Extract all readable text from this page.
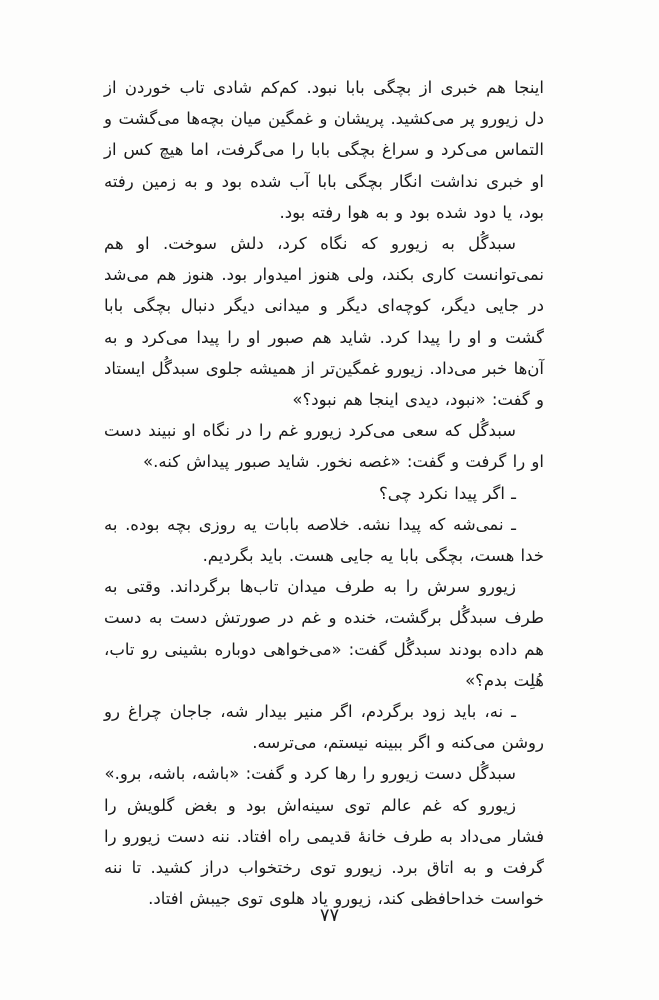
اینجا هم خبری از بچگی بابا نبود. کم‌کم شادی تاب خوردن از دل زیورو پر می‌کشید. پریشان و غمگین میان بچه‌ها می‌گشت و التماس می‌کرد و سراغ بچگی بابا را می‌گرفت، اما هیچ کس از او خبری نداشت انگار بچگی بابا آب شده بود و به زمین رفته بود، یا دود شده بود و به هوا رفته بود.

سبدگُل به زیورو که نگاه کرد، دلش سوخت. او هم نمی‌توانست کاری بکند، ولی هنوز امیدوار بود. هنوز هم می‌شد در جایی دیگر، کوچه‌ای دیگر و میدانی دیگر دنبال بچگی بابا گشت و او را پیدا کرد. شاید هم صبور او را پیدا می‌کرد و به آن‌ها خبر می‌داد. زیورو غمگین‌تر از همیشه جلوی سبدگُل ایستاد و گفت: «نبود، دیدی اینجا هم نبود؟»

سبدگُل که سعی می‌کرد زیورو غم را در نگاه او نبیند دست او را گرفت و گفت: «غصه نخور. شاید صبور پیداش کنه.»

ـ اگر پیدا نکرد چی؟

ـ نمی‌شه که پیدا نشه. خلاصه بابات یه روزی بچه بوده. به خدا هست، بچگی بابا یه جایی هست. باید بگردیم.

زیورو سرش را به طرف میدان تاب‌ها برگرداند. وقتی به طرف سبدگُل برگشت، خنده و غم در صورتش دست به دست هم داده بودند سبدگُل گفت: «می‌خواهی دوباره بشینی رو تاب، هُلِت بدم؟»

ـ نه، باید زود برگردم، اگر منیر بیدار شه، جاجان چراغ رو روشن می‌کنه و اگر ببینه نیستم، می‌ترسه.

سبدگُل دست زیورو را رها کرد و گفت: «باشه، باشه، برو.»

زیورو که غم عالم توی سینه‌اش بود و بغض گلویش را فشار می‌داد به طرف خانهٔ قدیمی راه افتاد. ننه دست زیورو را گرفت و به اتاق برد. زیورو توی رختخواب دراز کشید. تا ننه خواست خداحافظی کند، زیورو یاد هلوی توی جیبش افتاد.

۷۷
